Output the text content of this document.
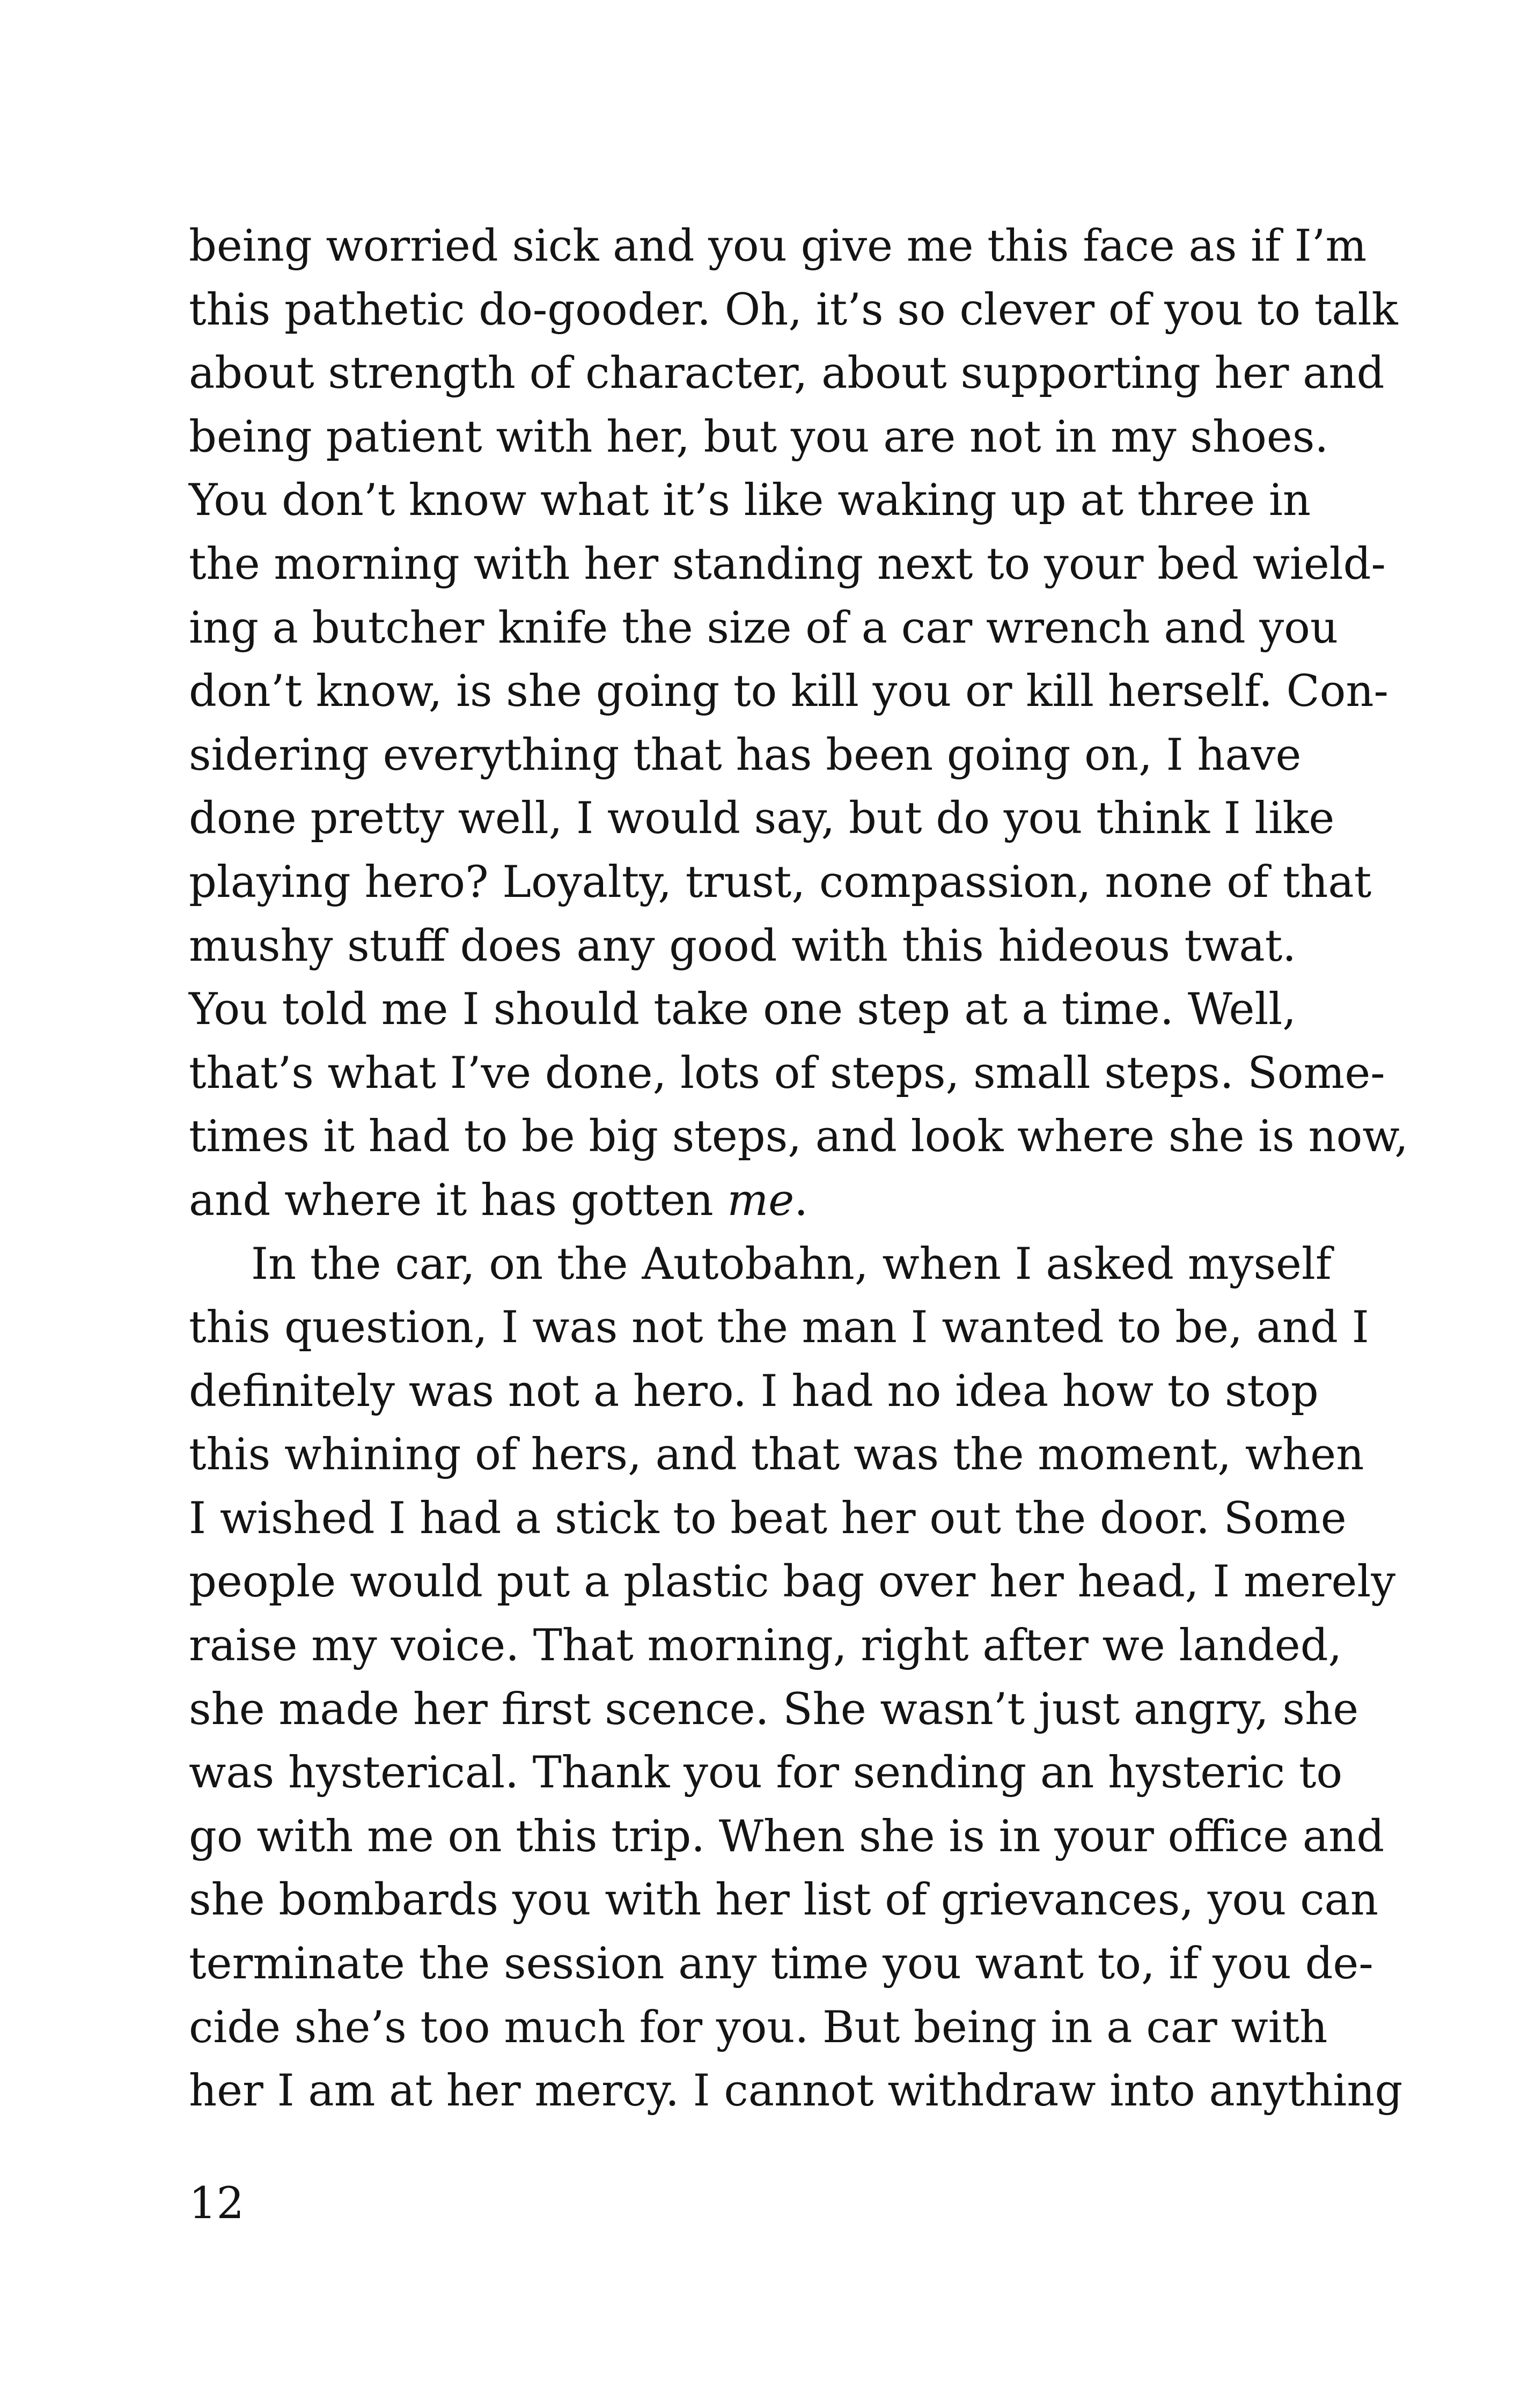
being worried sick and you give me this face as if I’m
this pathetic do-gooder. Oh, it’s so clever of you to talk
about strength of character, about supporting her and
being patient with her, but you are not in my shoes.
You don’t know what it’s like waking up at three in
the morning with her standing next to your bed wield-
ing a butcher knife the size of a car wrench and you
don’t know, is she going to kill you or kill herself. Con-
sidering everything that has been going on, I have
done pretty well, I would say, but do you think I like
playing hero? Loyalty, trust, compassion, none of that
mushy stuff does any good with this hideous twat.
You told me I should take one step at a time. Well,
that’s what I’ve done, lots of steps, small steps. Some-
times it had to be big steps, and look where she is now,
and where it has gotten me.
In the car, on the Autobahn, when I asked myself
this question, I was not the man I wanted to be, and I
definitely was not a hero. I had no idea how to stop
this whining of hers, and that was the moment, when
I wished I had a stick to beat her out the door. Some
people would put a plastic bag over her head, I merely
raise my voice. That morning, right after we landed,
she made her first scence. She wasn’t just angry, she
was hysterical. Thank you for sending an hysteric to
go with me on this trip. When she is in your office and
she bombards you with her list of grievances, you can
terminate the session any time you want to, if you de-
cide she’s too much for you. But being in a car with
her I am at her mercy. I cannot withdraw into anything
12
